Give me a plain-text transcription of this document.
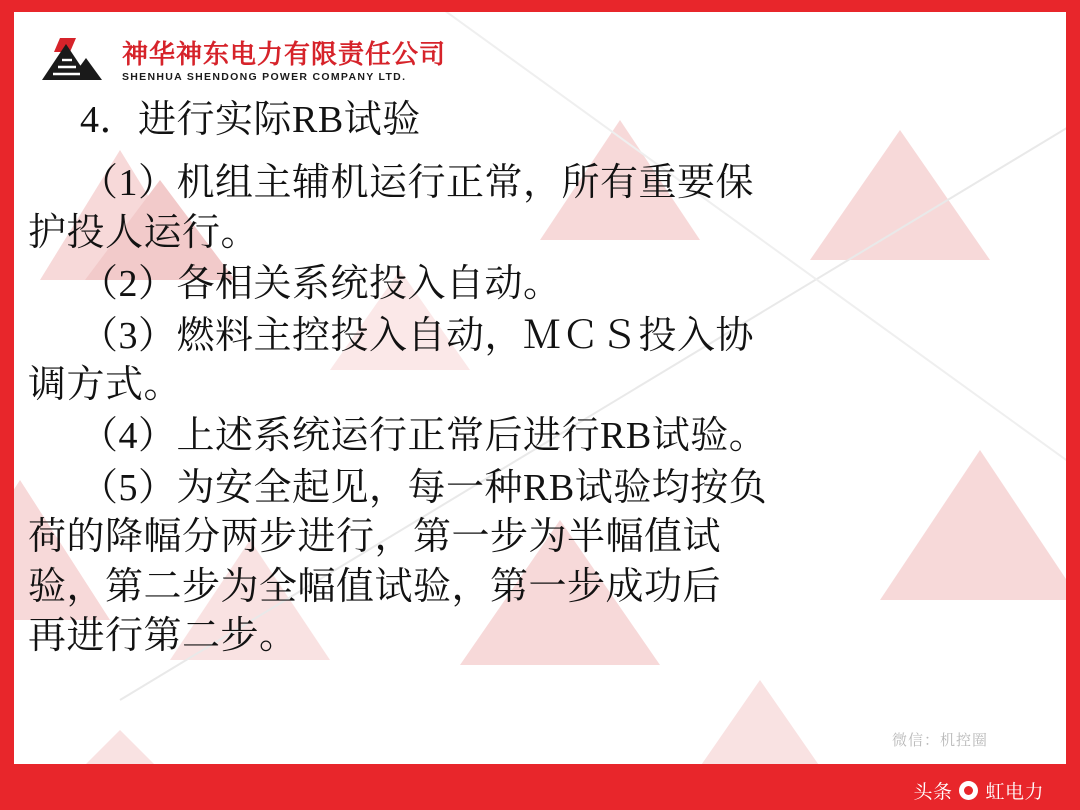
神华神东电力有限责任公司
SHENHUA SHENDONG POWER COMPANY LTD.
4．进行实际RB试验
（1）机组主辅机运行正常，所有重要保
护投人运行。
（2）各相关系统投入自动。
（3）燃料主控投入自动，ＭＣＳ投入协
调方式。
（4）上述系统运行正常后进行RB试验。
（5）为安全起见，每一种RB试验均按负
荷的降幅分两步进行，第一步为半幅值试
验，第二步为全幅值试验，第一步成功后
再进行第二步。
微信：机控圈
头条 虹电力
